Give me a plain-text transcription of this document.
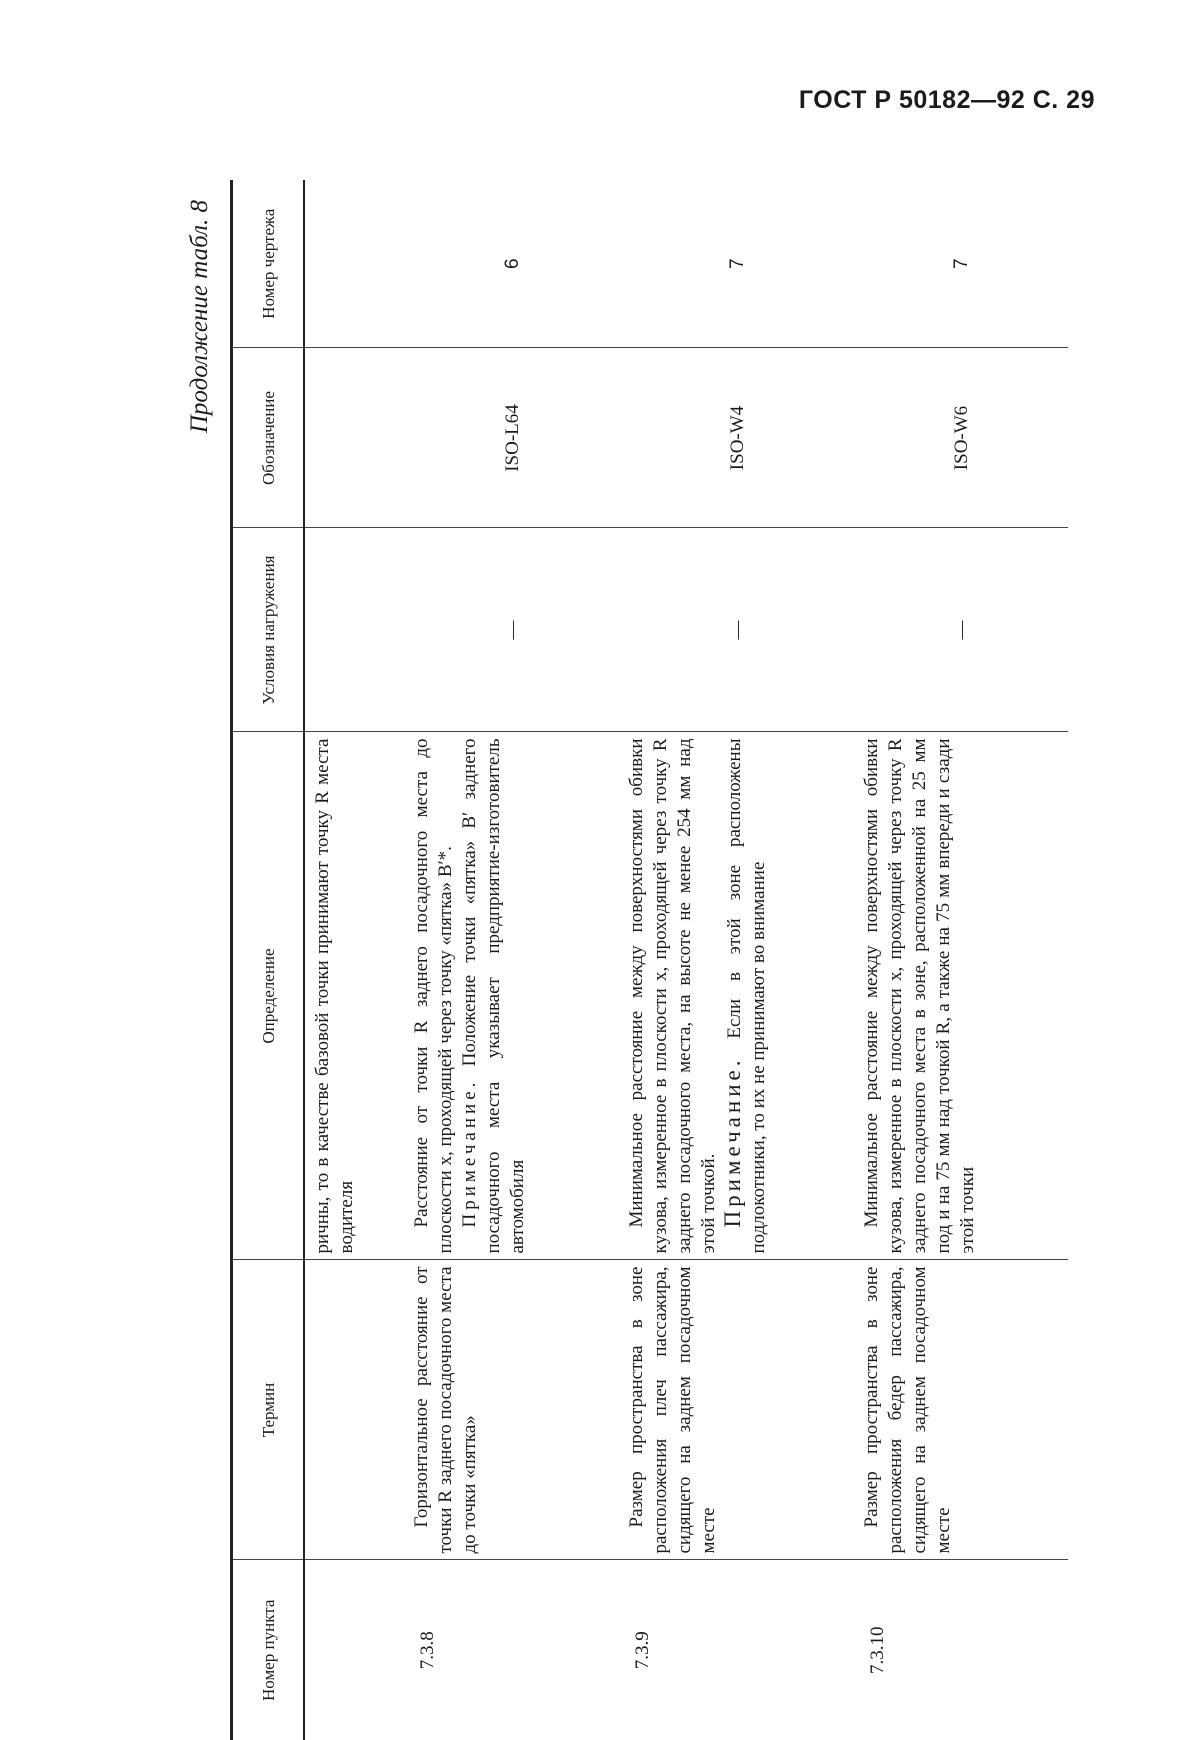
ГОСТ Р 50182—92 С. 29
Продолжение табл. 8
Номер пункта	Термин	Определение	Условия нагружения	Обозначение	Номер чертежа
		ричны, то в качестве базовой точки принимают точку R места водителя			
7.3.8	Горизонтальное расстояние от точки R заднего посадочного места до точки «пятка»	Расстояние от точки R заднего посадочного места до плоскости x, проходящей через точку «пятка» B′*. Примечание. Положение точки «пятка» B′ заднего посадочного места указывает предприятие-изготовитель автомобиля	—	ISO-L64	6
7.3.9	Размер пространства в зоне расположения плеч пассажира, сидящего на заднем посадочном месте	Минимальное расстояние между поверхностями обивки кузова, измеренное в плоскости x, проходящей через точку R заднего посадочного места, на высоте не менее 254 мм над этой точкой. Примечание. Если в этой зоне расположены подлокотники, то их не принимают во внимание	—	ISO-W4	7
7.3.10	Размер пространства в зоне расположения бедер пассажира, сидящего на заднем посадочном месте	Минимальное расстояние между поверхностями обивки кузова, измеренное в плоскости x, проходящей через точку R заднего посадочного места в зоне, расположенной на 25 мм под и на 75 мм над точкой R, а также на 75 мм впереди и сзади этой точки	—	ISO-W6	7
